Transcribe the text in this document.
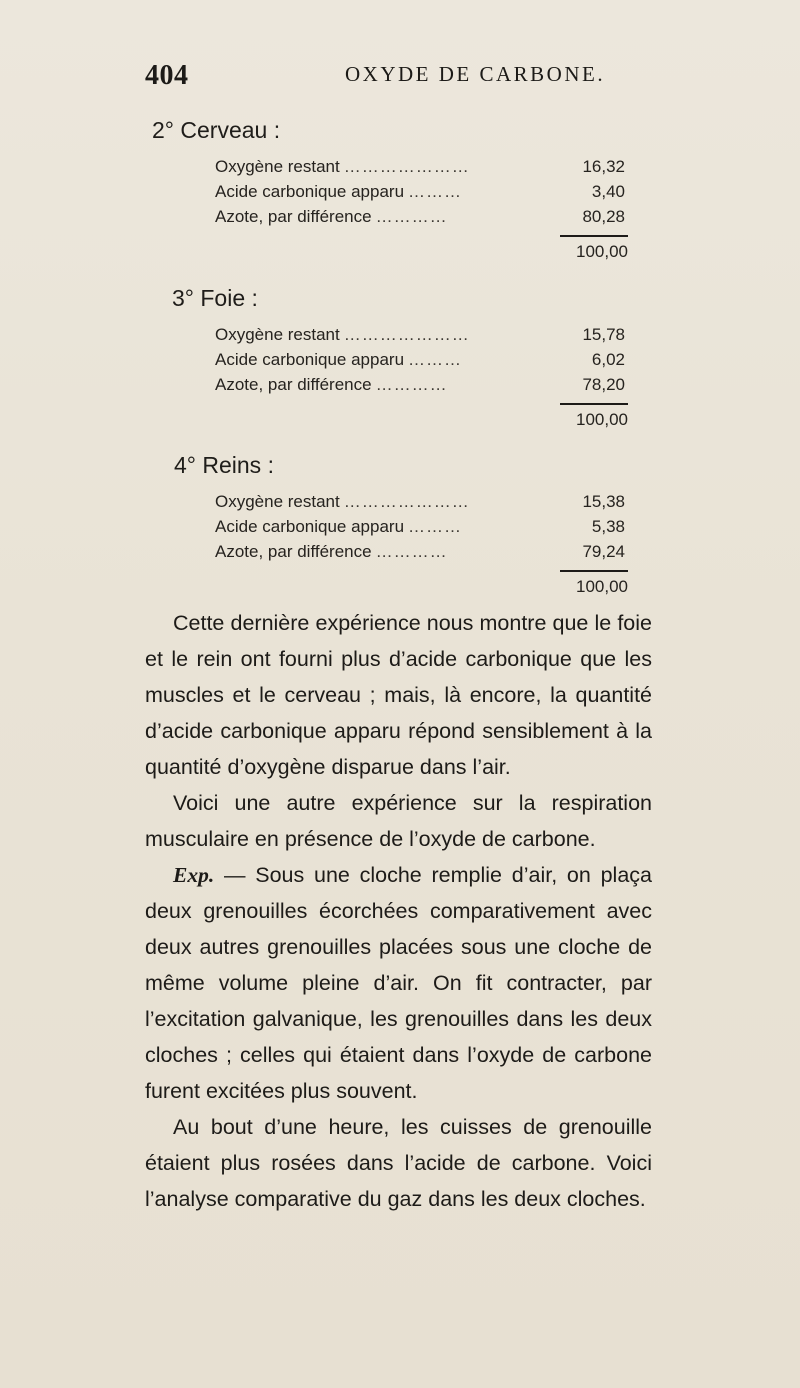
404	OXYDE DE CARBONE.
2° Cerveau :
Oxygène restant …………………	16,32
Acide carbonique apparu ………	3,40
Azote, par différence …………	80,28
100,00
3° Foie :
Oxygène restant …………………	15,78
Acide carbonique apparu ………	6,02
Azote, par différence …………	78,20
100,00
4° Reins :
Oxygène restant …………………	15,38
Acide carbonique apparu ………	5,38
Azote, par différence …………	79,24
100,00

Cette dernière expérience nous montre que le foie et le rein ont fourni plus d’acide carbonique que les muscles et le cerveau ; mais, là encore, la quantité d’acide carbonique apparu répond sensiblement à la quantité d’oxygène disparue dans l’air.

Voici une autre expérience sur la respiration musculaire en présence de l’oxyde de carbone.

Exp. — Sous une cloche remplie d’air, on plaça deux grenouilles écorchées comparativement avec deux autres grenouilles placées sous une cloche de même volume pleine d’air. On fit contracter, par l’excitation galvanique, les grenouilles dans les deux cloches ; celles qui étaient dans l’oxyde de carbone furent excitées plus souvent.

Au bout d’une heure, les cuisses de grenouille étaient plus rosées dans l’acide de carbone. Voici l’analyse comparative du gaz dans les deux cloches.
